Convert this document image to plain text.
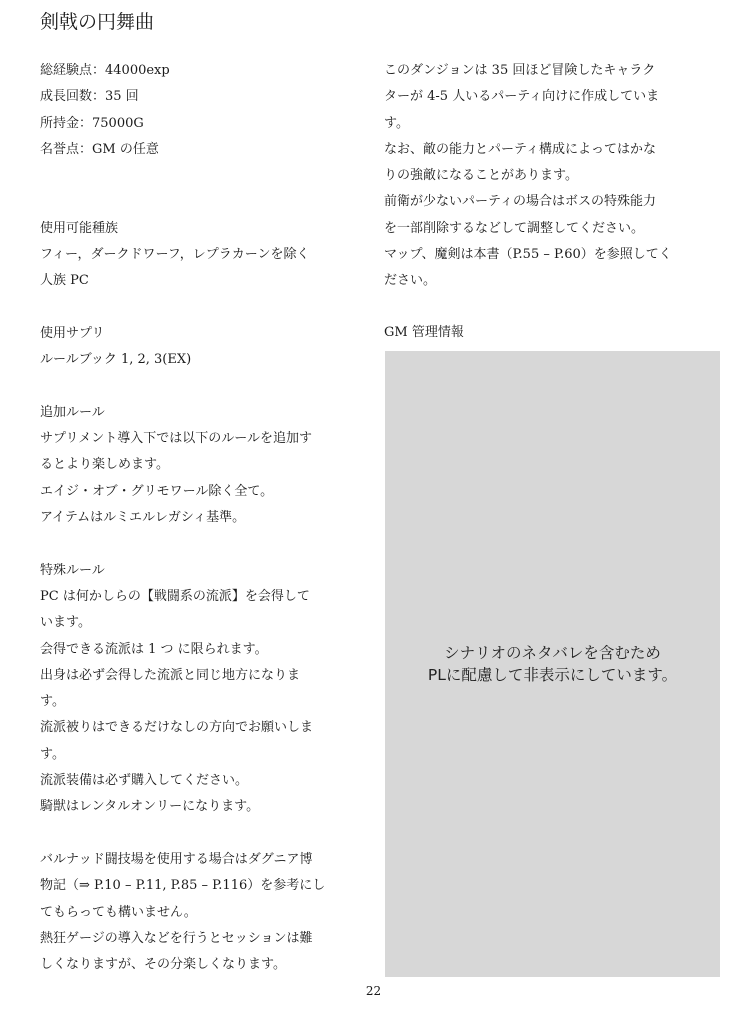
剣戟の円舞曲
総経験点：44000exp
成長回数：35 回
所持金：75000G
名誉点：GM の任意
使用可能種族
フィー，ダークドワーフ，レプラカーンを除く
人族 PC
使用サプリ
ルールブック 1, 2, 3(EX)
追加ルール
サプリメント導入下では以下のルールを追加す
るとより楽しめます。
エイジ・オブ・グリモワール除く全て。
アイテムはルミエルレガシィ基準。
特殊ルール
PC は何かしらの【戦闘系の流派】を会得して
います。
会得できる流派は 1 つ に限られます。
出身は必ず会得した流派と同じ地方になりま
す。
流派被りはできるだけなしの方向でお願いしま
す。
流派装備は必ず購入してください。
騎獣はレンタルオンリーになります。
バルナッド闘技場を使用する場合はダグニア博
物記（⇒ P.10 – P.11, P.85 – P.116）を参考にし
てもらっても構いません。
熱狂ゲージの導入などを行うとセッションは難
しくなりますが、その分楽しくなります。
このダンジョンは 35 回ほど冒険したキャラク
ターが 4-5 人いるパーティ向けに作成していま
す。
なお、敵の能力とパーティ構成によってはかな
りの強敵になることがあります。
前衛が少ないパーティの場合はボスの特殊能力
を一部削除するなどして調整してください。
マップ、魔剣は本書（P.55 – P.60）を参照してく
ださい。
GM 管理情報
シナリオのネタバレを含むため
PLに配慮して非表示にしています。
22
